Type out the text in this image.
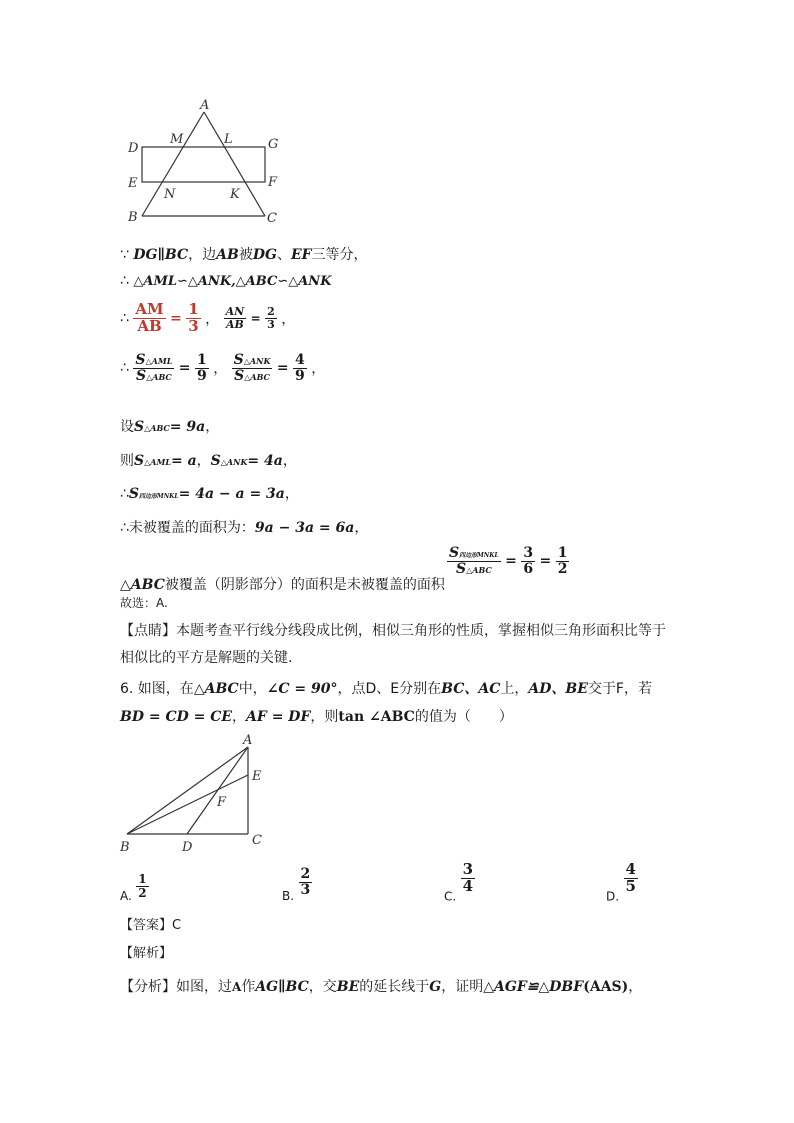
A
M	L
D	G
E
N	K
F
B	C
∵ DG∥BC，边AB被DG、EF三等分，
∴ △AML∽△ANK,△ABC∽△ANK
∴ $\frac{AM}{AB} = \frac{1}{3}$ ， $\frac{AN}{AB} = \frac{2}{3}$ ，
∴ $\frac{\text{S△AML}}{\text{S△ABC}} = \frac{1}{9}$ ， $\frac{\text{S△ANK}}{\text{S△ABC}} = \frac{4}{9}$ ，
设S△ABC= 9a，
则S△AML= a，S△ANK= 4a，
∴S四边形MNKL= 4a − a = 3a，
∴未被覆盖的面积为：9a − 3a = 6a，
△ABC被覆盖（阴影部分）的面积是未被覆盖的面积
$\frac{\text{S四边形MNKL}}{\text{S△ABC}} = \frac{3}{6} = \frac{1}{2}$
故选：A.
【点睛】本题考查平行线分线段成比例，相似三角形的性质，掌握相似三角形面积比等于
相似比的平方是解题的关键.
6. 如图，在△ABC中，∠C = 90°，点D、E分别在BC、AC上，AD、BE交于F，若
BD = CD = CE，AF = DF，则tan ∠ABC的值为（　　）
A
E
F
B	D	C
A. $\frac{1}{2}$	B. $\frac{2}{3}$	C.
$\frac{3}{4}$
D.
$\frac{4}{5}$
【答案】C
【解析】
【分析】如图，过A作AG∥BC，交BE的延长线于G，证明△AGF≌△DBF(AAS)，
